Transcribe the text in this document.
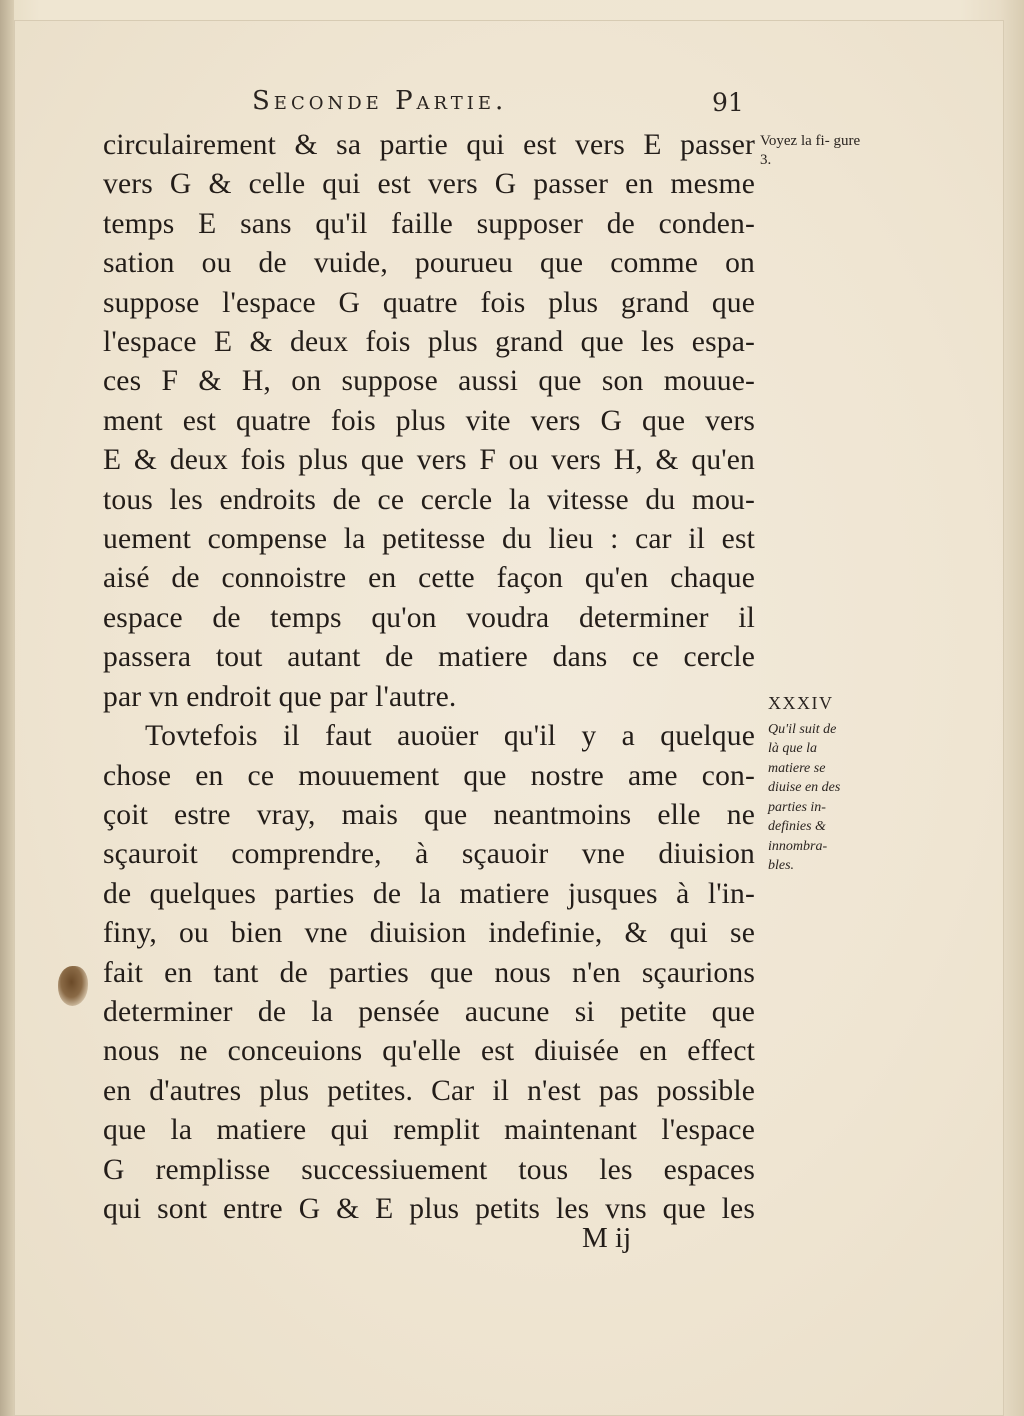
Seconde Partie.	91
circulairement & sa partie qui est vers E passer
vers G & celle qui est vers G passer en mesme
temps E sans qu'il faille supposer de conden-
sation ou de vuide, pourueu que comme on
suppose l'espace G quatre fois plus grand que
l'espace E & deux fois plus grand que les espa-
ces F & H, on suppose aussi que son mouue-
ment est quatre fois plus vite vers G que vers
E & deux fois plus que vers F ou vers H, & qu'en
tous les endroits de ce cercle la vitesse du mou-
uement compense la petitesse du lieu : car il est
aisé de connoistre en cette façon qu'en chaque
espace de temps qu'on voudra determiner il
passera tout autant de matiere dans ce cercle
par vn endroit que par l'autre.
Tovtefois il faut auoüer qu'il y a quelque
chose en ce mouuement que nostre ame con-
çoit estre vray, mais que neantmoins elle ne
sçauroit comprendre, à sçauoir vne diuision
de quelques parties de la matiere jusques à l'in-
finy, ou bien vne diuision indefinie, & qui se
fait en tant de parties que nous n'en sçaurions
determiner de la pensée aucune si petite que
nous ne conceuions qu'elle est diuisée en effect
en d'autres plus petites. Car il n'est pas possible
que la matiere qui remplit maintenant l'espace
G remplisse successiuement tous les espaces
qui sont entre G & E plus petits les vns que les
Voyez la fi- gure 3.
XXXIV
Qu'il suit de
là que la
matiere se
diuise en des
parties in-
definies &
innombra-
bles.
M ij
